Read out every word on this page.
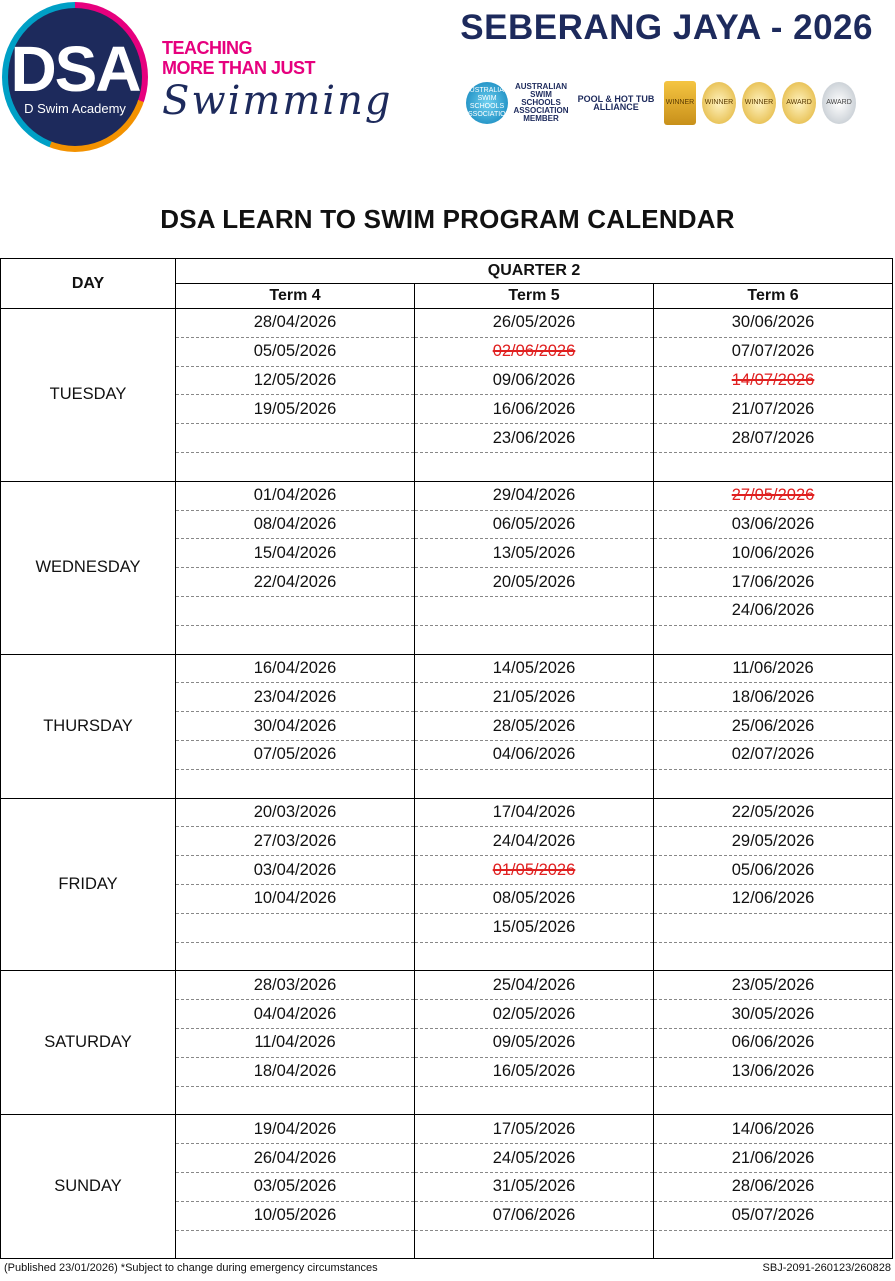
DSA
D Swim Academy
TEACHING
MORE THAN JUST
Swimming
SEBERANG JAYA - 2026
AUSTRALIAN SWIM SCHOOLS ASSOCIATION
AUSTRALIAN SWIM SCHOOLS ASSOCIATION MEMBER
POOL & HOT TUB ALLIANCE	WINNER	WINNER	WINNER	AWARD	AWARD
DSA LEARN TO SWIM PROGRAM CALENDAR
DAY	QUARTER 2		
	Term 4	Term 5	Term 6
TUESDAY	28/04/2026	26/05/2026	30/06/2026
	05/05/2026	02/06/2026	07/07/2026
	12/05/2026	09/06/2026	14/07/2026
	19/05/2026	16/06/2026	21/07/2026
		23/06/2026	28/07/2026

WEDNESDAY	01/04/2026	29/04/2026	27/05/2026
	08/04/2026	06/05/2026	03/06/2026
	15/04/2026	13/05/2026	10/06/2026
	22/04/2026	20/05/2026	17/06/2026
			24/06/2026

THURSDAY	16/04/2026	14/05/2026	11/06/2026
	23/04/2026	21/05/2026	18/06/2026
	30/04/2026	28/05/2026	25/06/2026
	07/05/2026	04/06/2026	02/07/2026

FRIDAY	20/03/2026	17/04/2026	22/05/2026
	27/03/2026	24/04/2026	29/05/2026
	03/04/2026	01/05/2026	05/06/2026
	10/04/2026	08/05/2026	12/06/2026
		15/05/2026	

SATURDAY	28/03/2026	25/04/2026	23/05/2026
	04/04/2026	02/05/2026	30/05/2026
	11/04/2026	09/05/2026	06/06/2026
	18/04/2026	16/05/2026	13/06/2026

SUNDAY	19/04/2026	17/05/2026	14/06/2026
	26/04/2026	24/05/2026	21/06/2026
	03/05/2026	31/05/2026	28/06/2026
	10/05/2026	07/06/2026	05/07/2026

(Published 23/01/2026) *Subject to change during emergency circumstances	SBJ-2091-260123/260828
